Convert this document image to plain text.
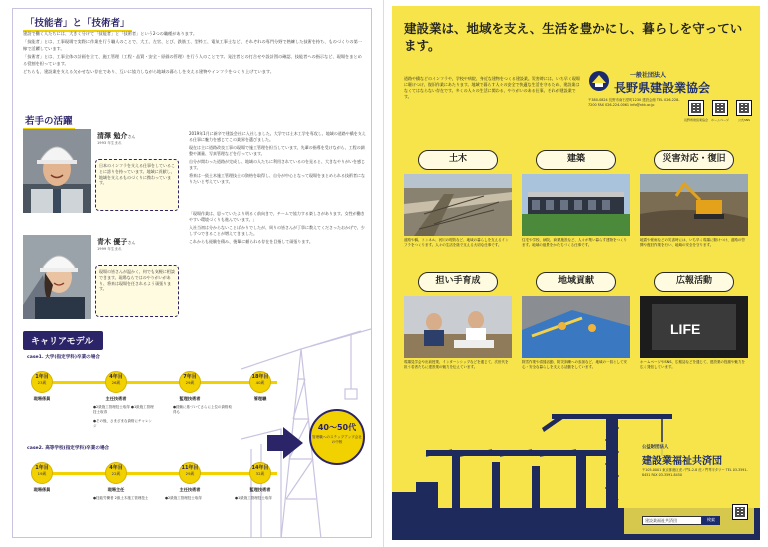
「技能者」と「技術者」

建設で働く人たちには、大きく分けて「技能者」と「技術者」という2つの職種があります。

「技能者」とは、工事現場で実際に作業を行う職人のことで、大工、左官、とび、鉄筋工、型枠工、電気工事士など、それぞれの専門分野で熟練した技術を持ち、ものづくりの第一線で活躍しています。

「技術者」とは、工事全体の計画を立て、施工管理（工程・品質・安全・原価の管理）を行う人のことです。発注者との打合せや設計図の確認、技能者への指示など、現場をまとめる役割を担っています。

どちらも、建設業を支える欠かせない存在であり、互いに協力しながら地域の暮らしを支える建物やインフラをつくり上げています。

若手の活躍
清澤 勉介さん
1993 年生まれ
日本のインフラを支える仕事をしていることに誇りを持っています。地域に貢献し、地域を支えるものづくりに携わっています。
青木 優子さん
1999 年生まれ
現場の皆さんが温かく、何でも気軽に相談できます。現場ならではのやりがいがあり、将来は現場を任されるよう頑張ります。

2019年1月に新卒で建設会社に入社しました。大学では土木工学を専攻し、地域の道路や橋を支える仕事に魅力を感じてこの業界を選びました。

現在は主に道路改良工事の現場で施工管理を担当しています。先輩の指導を受けながら、工程の調整や測量、写真管理などを行っています。

自分が関わった道路が完成し、地域の人たちに利用されているのを見ると、大きなやりがいを感じます。

将来は一級土木施工管理技士の資格を取得し、自分が中心となって現場をまとめられる技術者になりたいと考えています。

「現場作業は、思っていたより明るく前向きで、チームで協力する楽しさがあります。女性が働きやすい環境づくりも進んでいます。」

入社当初は分からないことばかりでしたが、周りの皆さんが丁寧に教えてくださったおかげで、少しずつできることが増えてきました。

これからも経験を積み、後輩に頼られる存在を目指して頑張ります。

キャリアモデル
case1. 大学(指定学科)卒業の場合
1年目
23歳
4年目
26歳
7年目
29歳
18年目
40歳
現場係員	主任技術者	監理技術者	管理職
●2級施工管理技士取得 ●1級施工管理技士取得
●その後、さまざまな資格にチャレンジ
●経験に基づいてさらに上位の資格取得も
case2. 高等学校(指定学科)卒業の場合
1年目
19歳
4年目
22歳
11年目
29歳
14年目
32歳
現場係員	現場主任	主任技術者	監理技術者
●技能労働者 2級土木施工管理技士	●2級施工管理技士取得	●1級施工管理技士取得
40～50代
管理職へのステップアップ会社の中核
建設業は、地域を支え、生活を豊かにし、暮らしを守っています。
道路や橋などのインフラや、学校や病院、身近な建物をつくる建設業。災害時には、いち早く現場に駆けつけ、復旧作業にあたります。地域で暮らす人々の安全で快適な生活を守るため、建設業はなくてはならない存在です。多くの人々の生活に関わる、やりがいのある仕事。それが建設業です。
一般社団法人
長野県建設業協会
〒380-0824 長野市南石堂町1230 建設会館 TEL 026-228-7200 FAX 026-224-0061 info@nkk.or.jp
長野県建設業協会	ホームページ	公式SNS
土木	建築	災害対応・復旧
道路や橋、トンネル、河川の堤防など、地域の暮らしを支えるインフラをつくります。人々の生活を陰で支える大切な仕事です。
住宅や学校、病院、商業施設など、人々が集い暮らす建物をつくります。地域の風景をかたちづくる仕事です。
地震や豪雨などの災害時には、いち早く現場に駆けつけ、道路の啓開や復旧作業を行い、地域の安全を守ります。
担い手育成	地域貢献	広報活動
LIFE
現場見学会や出前授業、インターンシップなどを通じて、次世代を担う若者たちに建設業の魅力を伝えています。
除雪作業や清掃活動、防災訓練への参加など、地域の一員として安心・安全な暮らしを支える活動をしています。
ホームページやSNS、広報誌などを通じて、建設業の役割や魅力を広く発信しています。
公益財団法人
建設業福祉共済団
〒105-0001 東京都港区虎ノ門1-2-8 虎ノ門琴平タワー TEL 03-3591-8451 FAX 03-3591-8450
建設業福祉共済団	検索
